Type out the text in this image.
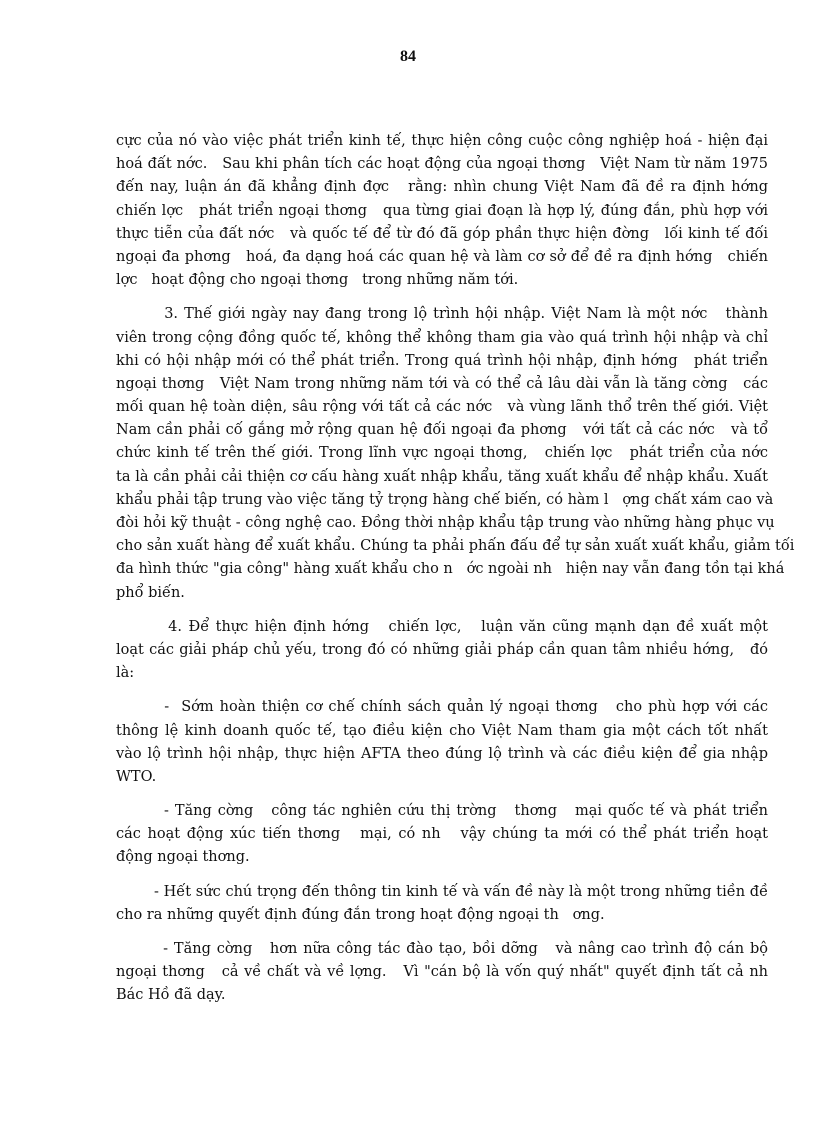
84
cực của nó vào việc phát triển kinh tế, thực hiện công cuộc công nghiệp hoá - hiện đại
hoá đất nớc.   Sau khi phân tích các hoạt động của ngoại thơng   Việt Nam từ năm 1975
đến nay, luận án đã khẳng định đợc   rằng: nhìn chung Việt Nam đã đề ra định hớng
chiến lợc   phát triển ngoại thơng   qua từng giai đoạn là hợp lý, đúng đắn, phù hợp với
thực tiễn của đất nớc   và quốc tế để từ đó đã góp phần thực hiện đờng   lối kinh tế đối
ngoại đa phơng   hoá, đa dạng hoá các quan hệ và làm cơ sở để đề ra định hớng   chiến
lợc   hoạt động cho ngoại thơng   trong những năm tới.
3. Thế giới ngày nay đang trong lộ trình hội nhập. Việt Nam là một nớc   thành
viên trong cộng đồng quốc tế, không thể không tham gia vào quá trình hội nhập và chỉ
khi có hội nhập mới có thể phát triển. Trong quá trình hội nhập, định hớng   phát triển
ngoại thơng   Việt Nam trong những năm tới và có thể cả lâu dài vẫn là tăng cờng   các
mối quan hệ toàn diện, sâu rộng với tất cả các nớc   và vùng lãnh thổ trên thế giới. Việt
Nam cần phải cố gắng mở rộng quan hệ đối ngoại đa phơng   với tất cả các nớc   và tổ
chức kinh tế trên thế giới. Trong lĩnh vực ngoại thơng,   chiến lợc   phát triển của nớc
ta là cần phải cải thiện cơ cấu hàng xuất nhập khẩu, tăng xuất khẩu để nhập khẩu. Xuất
khẩu phải tập trung vào việc tăng tỷ trọng hàng chế biến, có hàm l   ợng chất xám cao và
đòi hỏi kỹ thuật - công nghệ cao. Đồng thời nhập khẩu tập trung vào những hàng phục vụ
cho sản xuất hàng để xuất khẩu. Chúng ta phải phấn đấu để tự sản xuất xuất khẩu, giảm tối
đa hình thức "gia công" hàng xuất khẩu cho n   ớc ngoài nh   hiện nay vẫn đang tồn tại khá
phổ biến.
4. Để thực hiện định hớng   chiến lợc,   luận văn cũng mạnh dạn đề xuất một
loạt các giải pháp chủ yếu, trong đó có những giải pháp cần quan tâm nhiều hớng,   đó
là:
-  Sớm hoàn thiện cơ chế chính sách quản lý ngoại thơng   cho phù hợp với các
thông lệ kinh doanh quốc tế, tạo điều kiện cho Việt Nam tham gia một cách tốt nhất
vào lộ trình hội nhập, thực hiện AFTA theo đúng lộ trình và các điều kiện để gia nhập
WTO.
- Tăng cờng   công tác nghiên cứu thị trờng   thơng   mại quốc tế và phát triển
các hoạt động xúc tiến thơng   mại, có nh   vậy chúng ta mới có thể phát triển hoạt
động ngoại thơng.
- Hết sức chú trọng đến thông tin kinh tế và vấn đề này là một trong những tiền đề
cho ra những quyết định đúng đắn trong hoạt động ngoại th   ơng.
- Tăng cờng   hơn nữa công tác đào tạo, bồi dỡng   và nâng cao trình độ cán bộ
ngoại thơng   cả về chất và về lợng.   Vì "cán bộ là vốn quý nhất" quyết định tất cả nh
Bác Hồ đã dạy.
